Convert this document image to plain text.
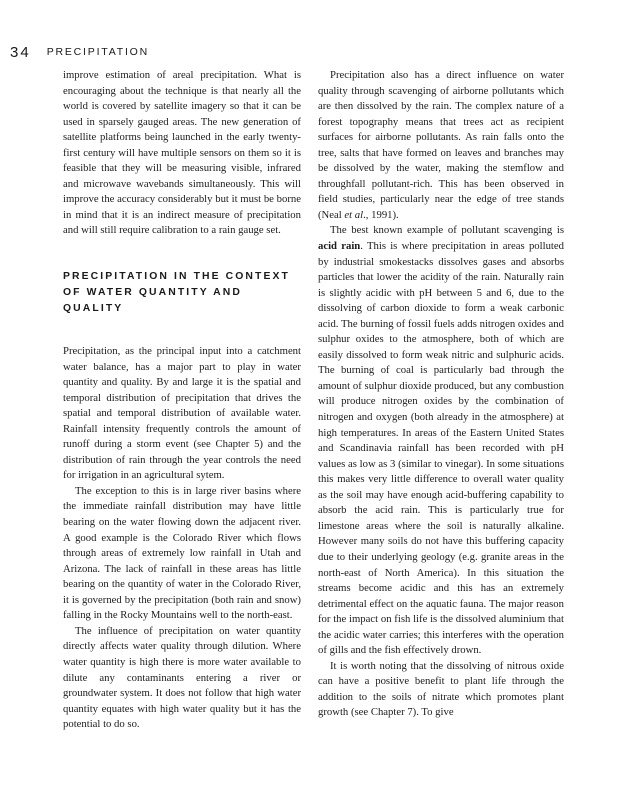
34 PRECIPITATION

improve estimation of areal precipitation. What is encouraging about the technique is that nearly all the world is covered by satellite imagery so that it can be used in sparsely gauged areas. The new generation of satellite platforms being launched in the early twenty-first century will have multiple sensors on them so it is feasible that they will be measuring visible, infrared and microwave wavebands simultaneously. This will improve the accuracy considerably but it must be borne in mind that it is an indirect measure of precipitation and will still require calibration to a rain gauge set.

PRECIPITATION IN THE CONTEXT OF WATER QUANTITY AND QUALITY

Precipitation, as the principal input into a catchment water balance, has a major part to play in water quantity and quality. By and large it is the spatial and temporal distribution of precipitation that drives the spatial and temporal distribution of available water. Rainfall intensity frequently controls the amount of runoff during a storm event (see Chapter 5) and the distribution of rain through the year controls the need for irrigation in an agricultural sytem.

The exception to this is in large river basins where the immediate rainfall distribution may have little bearing on the water flowing down the adjacent river. A good example is the Colorado River which flows through areas of extremely low rainfall in Utah and Arizona. The lack of rainfall in these areas has little bearing on the quantity of water in the Colorado River, it is governed by the precipitation (both rain and snow) falling in the Rocky Mountains well to the north-east.

The influence of precipitation on water quantity directly affects water quality through dilution. Where water quantity is high there is more water available to dilute any contaminants entering a river or groundwater system. It does not follow that high water quantity equates with high water quality but it has the potential to do so.

Precipitation also has a direct influence on water quality through scavenging of airborne pollutants which are then dissolved by the rain. The complex nature of a forest topography means that trees act as recipient surfaces for airborne pollutants. As rain falls onto the tree, salts that have formed on leaves and branches may be dissolved by the water, making the stemflow and throughfall pollutant-rich. This has been observed in field studies, particularly near the edge of tree stands (Neal et al., 1991).

The best known example of pollutant scavenging is acid rain. This is where precipitation in areas polluted by industrial smokestacks dissolves gases and absorbs particles that lower the acidity of the rain. Naturally rain is slightly acidic with pH between 5 and 6, due to the dissolving of carbon dioxide to form a weak carbonic acid. The burning of fossil fuels adds nitrogen oxides and sulphur oxides to the atmosphere, both of which are easily dissolved to form weak nitric and sulphuric acids. The burning of coal is particularly bad through the amount of sulphur dioxide produced, but any combustion will produce nitrogen oxides by the combination of nitrogen and oxygen (both already in the atmosphere) at high temperatures. In areas of the Eastern United States and Scandinavia rainfall has been recorded with pH values as low as 3 (similar to vinegar). In some situations this makes very little difference to overall water quality as the soil may have enough acid-buffering capability to absorb the acid rain. This is particularly true for limestone areas where the soil is naturally alkaline. However many soils do not have this buffering capacity due to their underlying geology (e.g. granite areas in the north-east of North America). In this situation the streams become acidic and this has an extremely detrimental effect on the aquatic fauna. The major reason for the impact on fish life is the dissolved aluminium that the acidic water carries; this interferes with the operation of gills and the fish effectively drown.

It is worth noting that the dissolving of nitrous oxide can have a positive benefit to plant life through the addition to the soils of nitrate which promotes plant growth (see Chapter 7). To give
